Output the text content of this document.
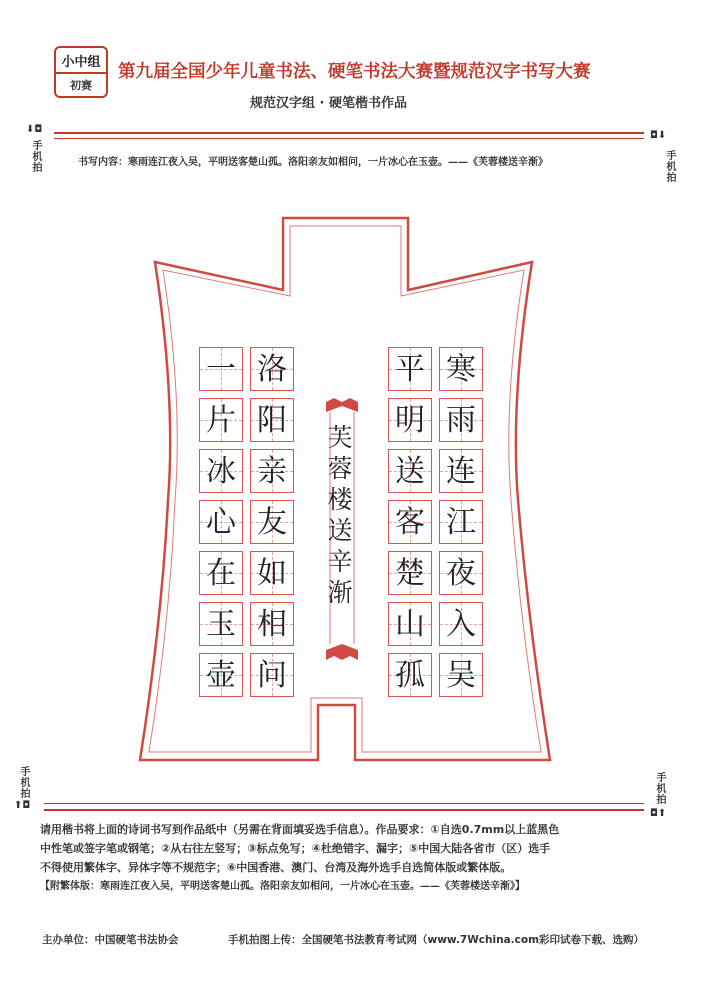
小中组
初赛
第九届全国少年儿童书法、硬笔书法大赛暨规范汉字书写大赛
规范汉字组 · 硬笔楷书作品
⬇◘
手机拍
◘⬇
手机拍
书写内容：寒雨连江夜入吴，平明送客楚山孤。洛阳亲友如相问，一片冰心在玉壶。——《芙蓉楼送辛渐》
寒
雨
连
江
夜
入
吴
平
明
送
客
楚
山
孤
洛
阳
亲
友
如
相
问
一
片
冰
心
在
玉
壶
芙
蓉
楼
送
辛
渐
手机拍
⬆◘
手机拍
◘⬆
请用楷书将上面的诗词书写到作品纸中（另需在背面填妥选手信息）。作品要求：①自选0.7mm以上蓝黑色
中性笔或签字笔或钢笔；②从右往左竖写；③标点免写；④杜绝错字、漏字；⑤中国大陆各省市（区）选手
不得使用繁体字、异体字等不规范字；⑥中国香港、澳门、台湾及海外选手自选简体版或繁体版。
【附繁体版：寒雨连江夜入吴，平明送客楚山孤。洛阳亲友如相问，一片冰心在玉壶。——《芙蓉楼送辛渐》】
主办单位：中国硬笔书法协会	手机拍图上传：全国硬笔书法教育考试网（www.7Wchina.com彩印试卷下载、选购）
